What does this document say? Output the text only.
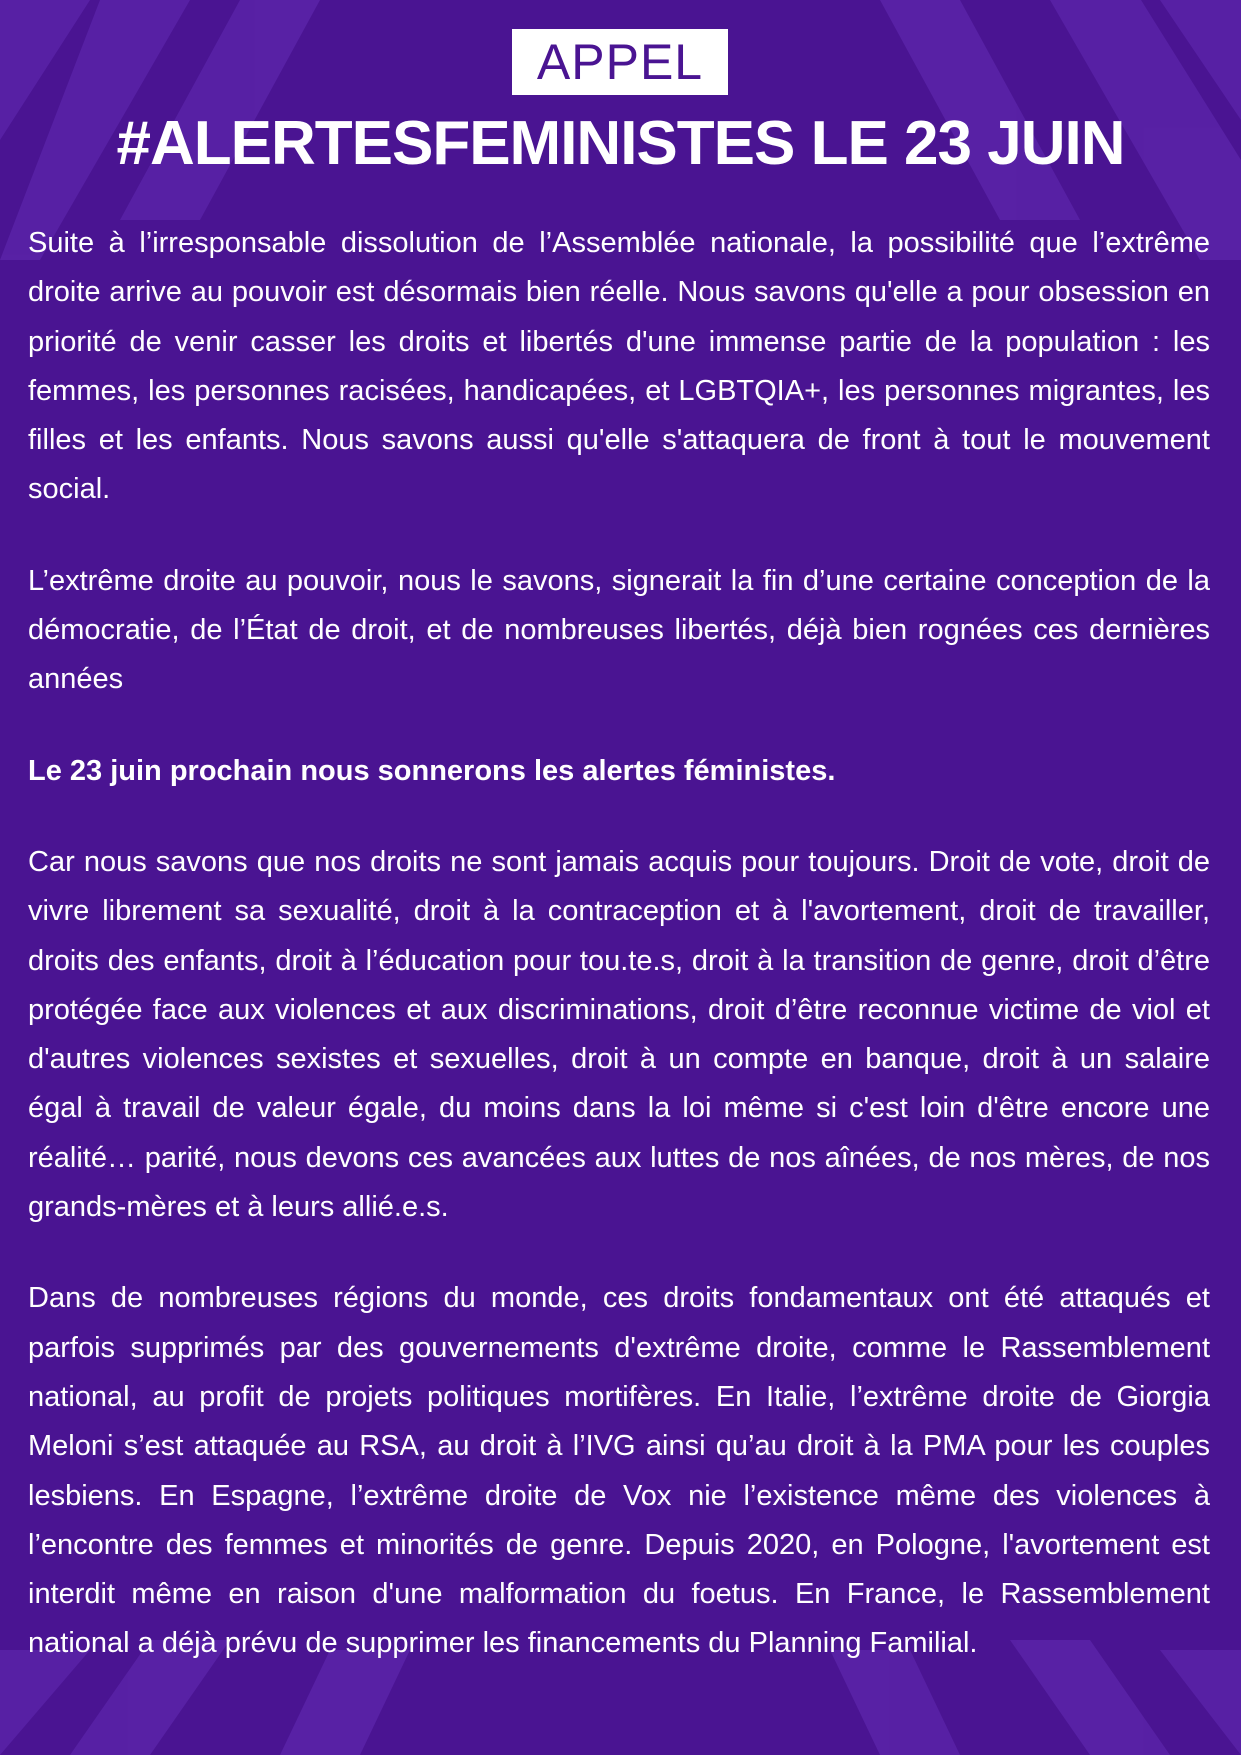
APPEL
#ALERTESFEMINISTES LE 23 JUIN

Suite à l’irresponsable dissolution de l’Assemblée nationale, la possibilité que l’extrême droite arrive au pouvoir est désormais bien réelle. Nous savons qu'elle a pour obsession en priorité de venir casser les droits et libertés d'une immense partie de la population : les femmes, les personnes racisées, handicapées, et LGBTQIA+, les personnes migrantes, les filles et les enfants. Nous savons aussi qu'elle s'attaquera de front à tout le mouvement social.

L’extrême droite au pouvoir, nous le savons, signerait la fin d’une certaine conception de la démocratie, de l’État de droit, et de nombreuses libertés, déjà bien rognées ces dernières années

Le 23 juin prochain nous sonnerons les alertes féministes.

Car nous savons que nos droits ne sont jamais acquis pour toujours. Droit de vote, droit de vivre librement sa sexualité, droit à la contraception et à l'avortement, droit de travailler, droits des enfants, droit à l’éducation pour tou.te.s, droit à la transition de genre, droit d’être protégée face aux violences et aux discriminations, droit d’être reconnue victime de viol et d'autres violences sexistes et sexuelles, droit à un compte en banque, droit à un salaire égal à travail de valeur égale, du moins dans la loi même si c'est loin d'être encore une réalité… parité, nous devons ces avancées aux luttes de nos aînées, de nos mères, de nos grands-mères et à leurs allié.e.s.

Dans de nombreuses régions du monde, ces droits fondamentaux ont été attaqués et parfois supprimés par des gouvernements d'extrême droite, comme le Rassemblement national, au profit de projets politiques mortifères. En Italie, l’extrême droite de Giorgia Meloni s’est attaquée au RSA, au droit à l’IVG ainsi qu’au droit à la PMA pour les couples lesbiens. En Espagne, l’extrême droite de Vox nie l’existence même des violences à l’encontre des femmes et minorités de genre. Depuis 2020, en Pologne, l'avortement est interdit même en raison d'une malformation du foetus. En France, le Rassemblement national a déjà prévu de supprimer les financements du Planning Familial.
